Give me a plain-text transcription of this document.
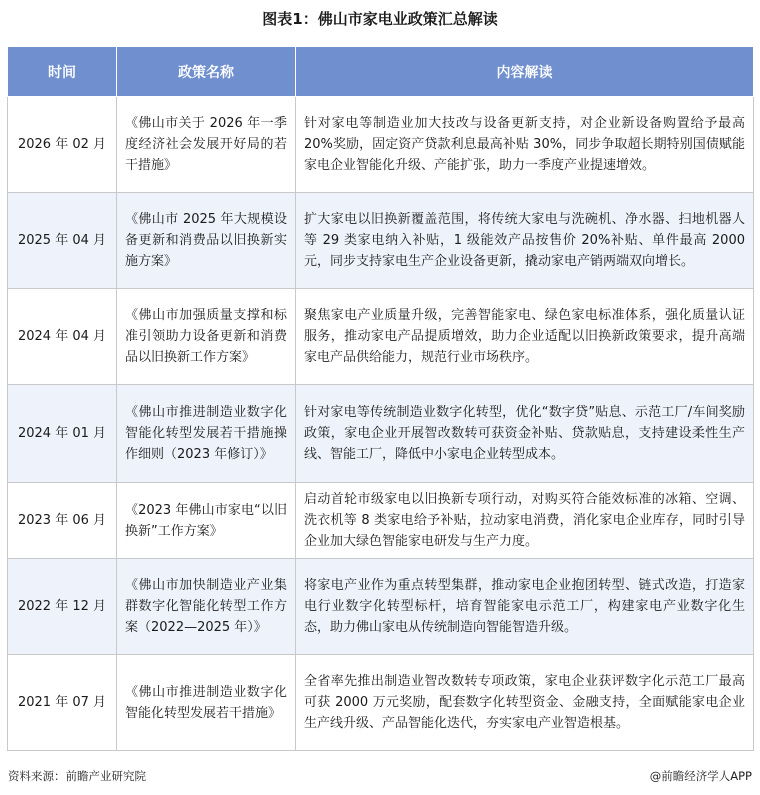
图表1：佛山市家电业政策汇总解读
时间	政策名称	内容解读
2026 年 02 月	《佛山市关于 2026 年一季度经济社会发展开好局的若干措施》	针对家电等制造业加大技改与设备更新支持，对企业新设备购置给予最高 20%奖励，固定资产贷款利息最高补贴 30%，同步争取超长期特别国债赋能家电企业智能化升级、产能扩张，助力一季度产业提速增效。
2025 年 04 月	《佛山市 2025 年大规模设备更新和消费品以旧换新实施方案》	扩大家电以旧换新覆盖范围，将传统大家电与洗碗机、净水器、扫地机器人等 29 类家电纳入补贴，1 级能效产品按售价 20%补贴、单件最高 2000 元，同步支持家电生产企业设备更新，撬动家电产销两端双向增长。
2024 年 04 月	《佛山市加强质量支撑和标准引领助力设备更新和消费品以旧换新工作方案》	聚焦家电产业质量升级，完善智能家电、绿色家电标准体系，强化质量认证服务，推动家电产品提质增效，助力企业适配以旧换新政策要求，提升高端家电产品供给能力，规范行业市场秩序。
2024 年 01 月	《佛山市推进制造业数字化智能化转型发展若干措施操作细则（2023 年修订）》	针对家电等传统制造业数字化转型，优化“数字贷”贴息、示范工厂/车间奖励政策，家电企业开展智改数转可获资金补贴、贷款贴息，支持建设柔性生产线、智能工厂，降低中小家电企业转型成本。
2023 年 06 月	《2023 年佛山市家电“以旧换新”工作方案》	启动首轮市级家电以旧换新专项行动，对购买符合能效标准的冰箱、空调、洗衣机等 8 类家电给予补贴，拉动家电消费，消化家电企业库存，同时引导企业加大绿色智能家电研发与生产力度。
2022 年 12 月	《佛山市加快制造业产业集群数字化智能化转型工作方案（2022—2025 年）》	将家电产业作为重点转型集群，推动家电企业抱团转型、链式改造，打造家电行业数字化转型标杆，培育智能家电示范工厂，构建家电产业数字化生态，助力佛山家电从传统制造向智能智造升级。
2021 年 07 月	《佛山市推进制造业数字化智能化转型发展若干措施》	全省率先推出制造业智改数转专项政策，家电企业获评数字化示范工厂最高可获 2000 万元奖励，配套数字化转型资金、金融支持，全面赋能家电企业生产线升级、产品智能化迭代，夯实家电产业智造根基。
资料来源：前瞻产业研究院	@前瞻经济学人APP
